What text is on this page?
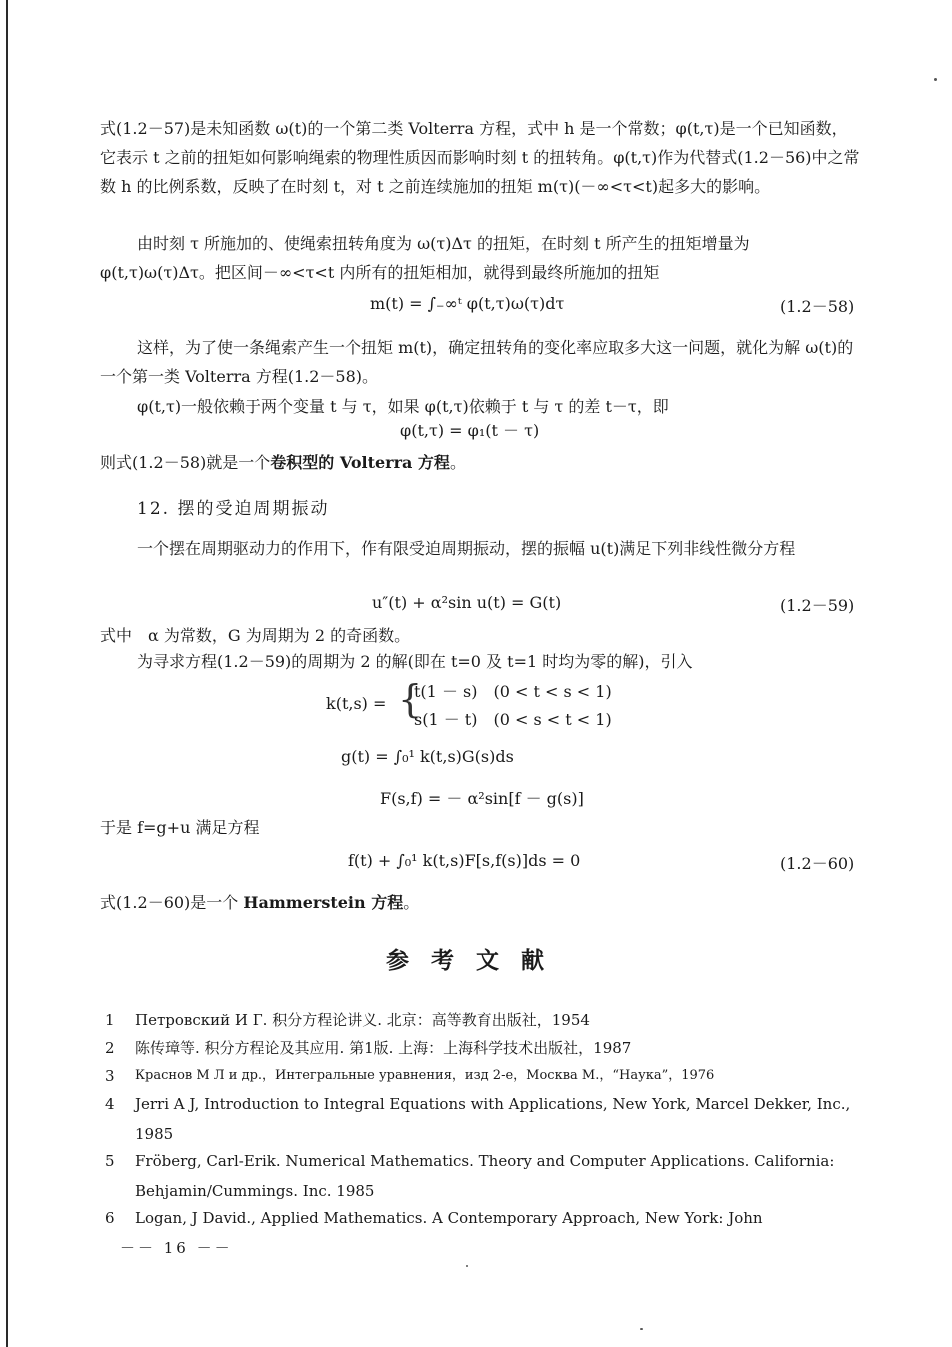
式(1.2－57)是未知函数 ω(t)的一个第二类 Volterra 方程，式中 h 是一个常数；φ(t,τ)是一个已知函数，它表示 t 之前的扭矩如何影响绳索的物理性质因而影响时刻 t 的扭转角。φ(t,τ)作为代替式(1.2－56)中之常数 h 的比例系数，反映了在时刻 t，对 t 之前连续施加的扭矩 m(τ)(－∞<τ<t)起多大的影响。
由时刻 τ 所施加的、使绳索扭转角度为 ω(τ)Δτ 的扭矩，在时刻 t 所产生的扭矩增量为 φ(t,τ)ω(τ)Δτ。把区间－∞<τ<t 内所有的扭矩相加，就得到最终所施加的扭矩
m(t) = ∫₋∞ᵗ φ(t,τ)ω(τ)dτ	(1.2－58)
这样，为了使一条绳索产生一个扭矩 m(t)，确定扭转角的变化率应取多大这一问题，就化为解 ω(t)的一个第一类 Volterra 方程(1.2－58)。
φ(t,τ)一般依赖于两个变量 t 与 τ，如果 φ(t,τ)依赖于 t 与 τ 的差 t－τ，即
φ(t,τ) = φ₁(t － τ)
则式(1.2－58)就是一个卷积型的 Volterra 方程。
12. 摆的受迫周期振动
一个摆在周期驱动力的作用下，作有限受迫周期振动，摆的振幅 u(t)满足下列非线性微分方程
u″(t) + α²sin u(t) = G(t)	(1.2－59)
式中　α 为常数，G 为周期为 2 的奇函数。
为寻求方程(1.2－59)的周期为 2 的解(即在 t=0 及 t=1 时均为零的解)，引入
k(t,s) = {
t(1 － s)　(0 < t < s < 1)
s(1 － t)　(0 < s < t < 1)
g(t) = ∫₀¹ k(t,s)G(s)ds
F(s,f) = － α²sin[f － g(s)]
于是 f=g+u 满足方程
f(t) + ∫₀¹ k(t,s)F[s,f(s)]ds = 0	(1.2－60)
式(1.2－60)是一个 Hammerstein 方程。
参考文献
1 Петровский И Г. 积分方程论讲义. 北京：高等教育出版社，1954
2 陈传璋等. 积分方程论及其应用. 第1版. 上海：上海科学技术出版社，1987
3 Краснов М Л и др.，Интегральные уравнения，изд 2-е，Москва М.，“Наука”，1976
4 Jerri A J, Introduction to Integral Equations with Applications, New York, Marcel Dekker, Inc., 1985
5 Fröberg, Carl-Erik. Numerical Mathematics. Theory and Computer Applications. California: Behjamin/Cummings. Inc. 1985
6 Logan, J David., Applied Mathematics. A Contemporary Approach, New York: John
－－ 16 －－
